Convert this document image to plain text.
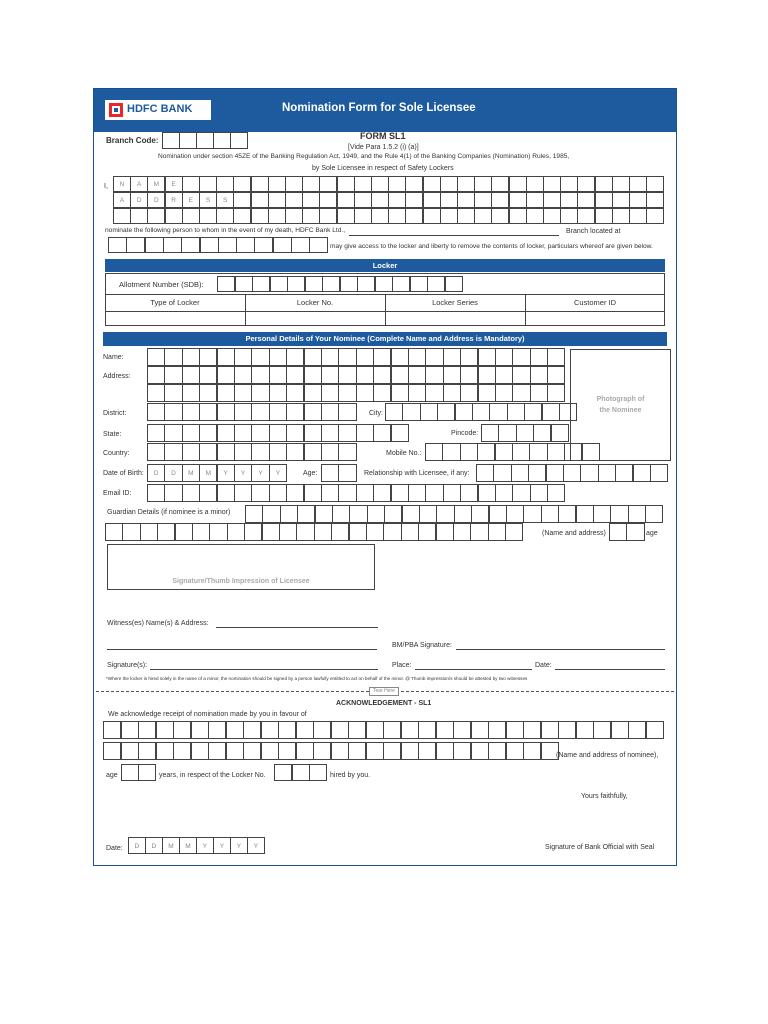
HDFC BANK	Nomination Form for Sole Licensee
Branch Code:	FORM SL1
[Vide Para 1.5.2 (i) (a)]
Nomination under section 45ZE of the Banking Regulation Act, 1949, and the Rule 4(1) of the Banking Companies (Nomination) Rules, 1985,
by Sole Licensee in respect of Safety Lockers
I,	N	A	M	E
A	D	D	R	E	S	S
nominate the following person to whom in the event of my death, HDFC Bank Ltd.,	Branch located at
may give access to the locker and liberty to remove the contents of locker, particulars whereof are given below.
Locker
Allotment Number (SDB):
Type of Locker	Locker No.	Locker Series	Customer ID
Personal Details of Your Nominee (Complete Name and Address is Mandatory)
Name:
Address:
District:	City:
State:	Pincode:
Country:	Mobile No.:
Date of Birth:	Age:	Relationship with Licensee, if any:
Email ID:
Guardian Details (if nominee is a minor)
(Name and address)	age
D	D	M	M	Y	Y	Y	Y
Photograph of
the Nominee
Signature/Thumb Impression of Licensee
Witness(es) Name(s) & Address:
BM/PBA Signature:
Signature(s):	Place:	Date:
*Where the locker is hired solely in the name of a minor, the nomination should be signed by a person lawfully entitled to act on behalf of the minor. @ Thumb impression/s should be attested by two witnesses
Tear Here
ACKNOWLEDGEMENT - SL1
We acknowledge receipt of nomination made by you in favour of
D	D	M	M	Y	Y	Y	Y
(Name and address of nominee),
age	years, in respect of the Locker No.	hired by you.
Yours faithfully,
Date:	Signature of Bank Official with Seal
